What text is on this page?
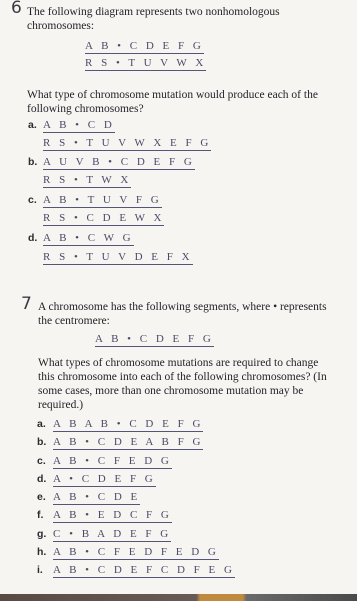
6 The following diagram represents two nonhomologous chromosomes:
A B • C D E F G
R S • T U V W X
What type of chromosome mutation would produce each of the following chromosomes?
a. A B • C D
R S • T U V W X E F G
b. A U V B • C D E F G
R S • T W X
c. A B • T U V F G
R S • C D E W X
d. A B • C W G
R S • T U V D E F X
7 A chromosome has the following segments, where • represents the centromere:
A B • C D E F G
What types of chromosome mutations are required to change this chromosome into each of the following chromosomes? (In some cases, more than one chromosome mutation may be required.)
a. A B A B • C D E F G
b. A B • C D E A B F G
c. A B • C F E D G
d. A • C D E F G
e. A B • C D E
f. A B • E D C F G
g. C • B A D E F G
h. A B • C F E D F E D G
i. A B • C D E F C D F E G
